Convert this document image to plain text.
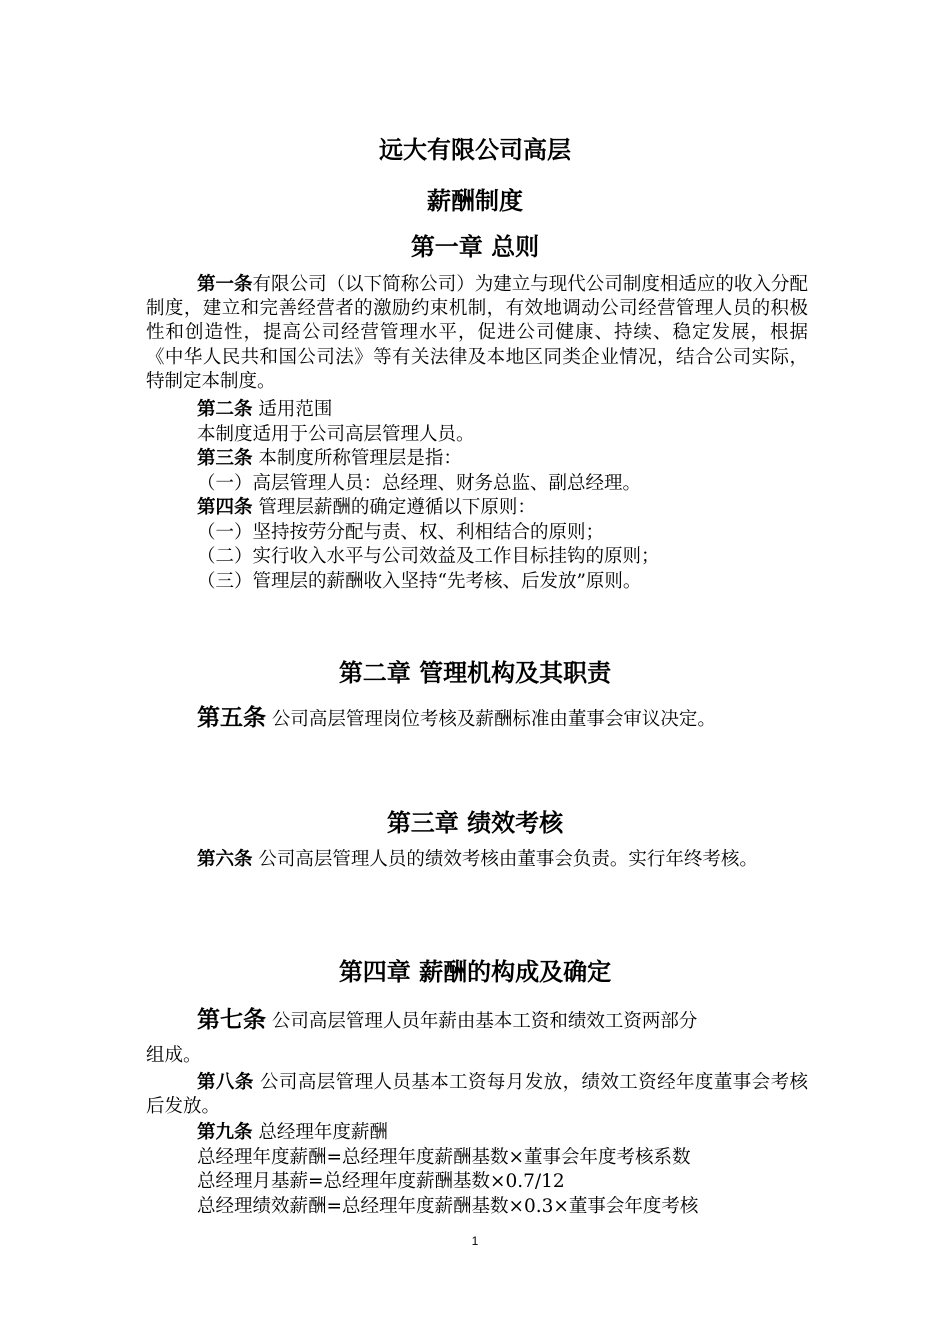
远大有限公司高层
薪酬制度
第一章 总则
第一条有限公司（以下简称公司）为建立与现代公司制度相适应的收入分配制度，建立和完善经营者的激励约束机制，有效地调动公司经营管理人员的积极性和创造性，提高公司经营管理水平，促进公司健康、持续、稳定发展，根据《中华人民共和国公司法》等有关法律及本地区同类企业情况，结合公司实际，特制定本制度。
第二条 适用范围
本制度适用于公司高层管理人员。
第三条 本制度所称管理层是指：
（一）高层管理人员：总经理、财务总监、副总经理。
第四条 管理层薪酬的确定遵循以下原则：
（一）坚持按劳分配与责、权、利相结合的原则；
（二）实行收入水平与公司效益及工作目标挂钩的原则；
（三）管理层的薪酬收入坚持“先考核、后发放”原则。
第二章 管理机构及其职责
第五条 公司高层管理岗位考核及薪酬标准由董事会审议决定。
第三章 绩效考核
第六条 公司高层管理人员的绩效考核由董事会负责。实行年终考核。
第四章 薪酬的构成及确定
第七条 公司高层管理人员年薪由基本工资和绩效工资两部分
组成。
第八条 公司高层管理人员基本工资每月发放，绩效工资经年度董事会考核后发放。
第九条 总经理年度薪酬
总经理年度薪酬=总经理年度薪酬基数×董事会年度考核系数
总经理月基薪=总经理年度薪酬基数×0.7/12
总经理绩效薪酬=总经理年度薪酬基数×0.3×董事会年度考核
1
